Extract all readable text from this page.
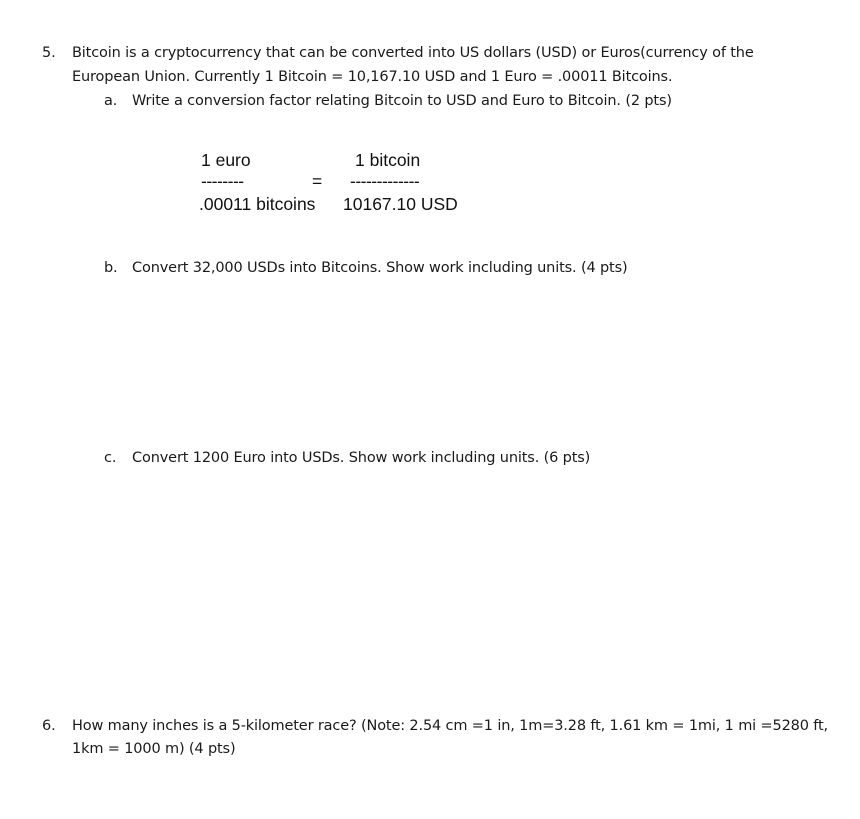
5. Bitcoin is a cryptocurrency that can be converted into US dollars (USD) or Euros(currency of the
European Union. Currently 1 Bitcoin = 10,167.10 USD and 1 Euro = .00011 Bitcoins.
a. Write a conversion factor relating Bitcoin to USD and Euro to Bitcoin. (2 pts)
1 euro	1 bitcoin
--------	= -------------
.00011 bitcoins 10167.10 USD
b. Convert 32,000 USDs into Bitcoins. Show work including units. (4 pts)
c. Convert 1200 Euro into USDs. Show work including units. (6 pts)
6. How many inches is a 5-kilometer race? (Note: 2.54 cm =1 in, 1m=3.28 ft, 1.61 km = 1mi, 1 mi =5280 ft,
1km = 1000 m) (4 pts)
